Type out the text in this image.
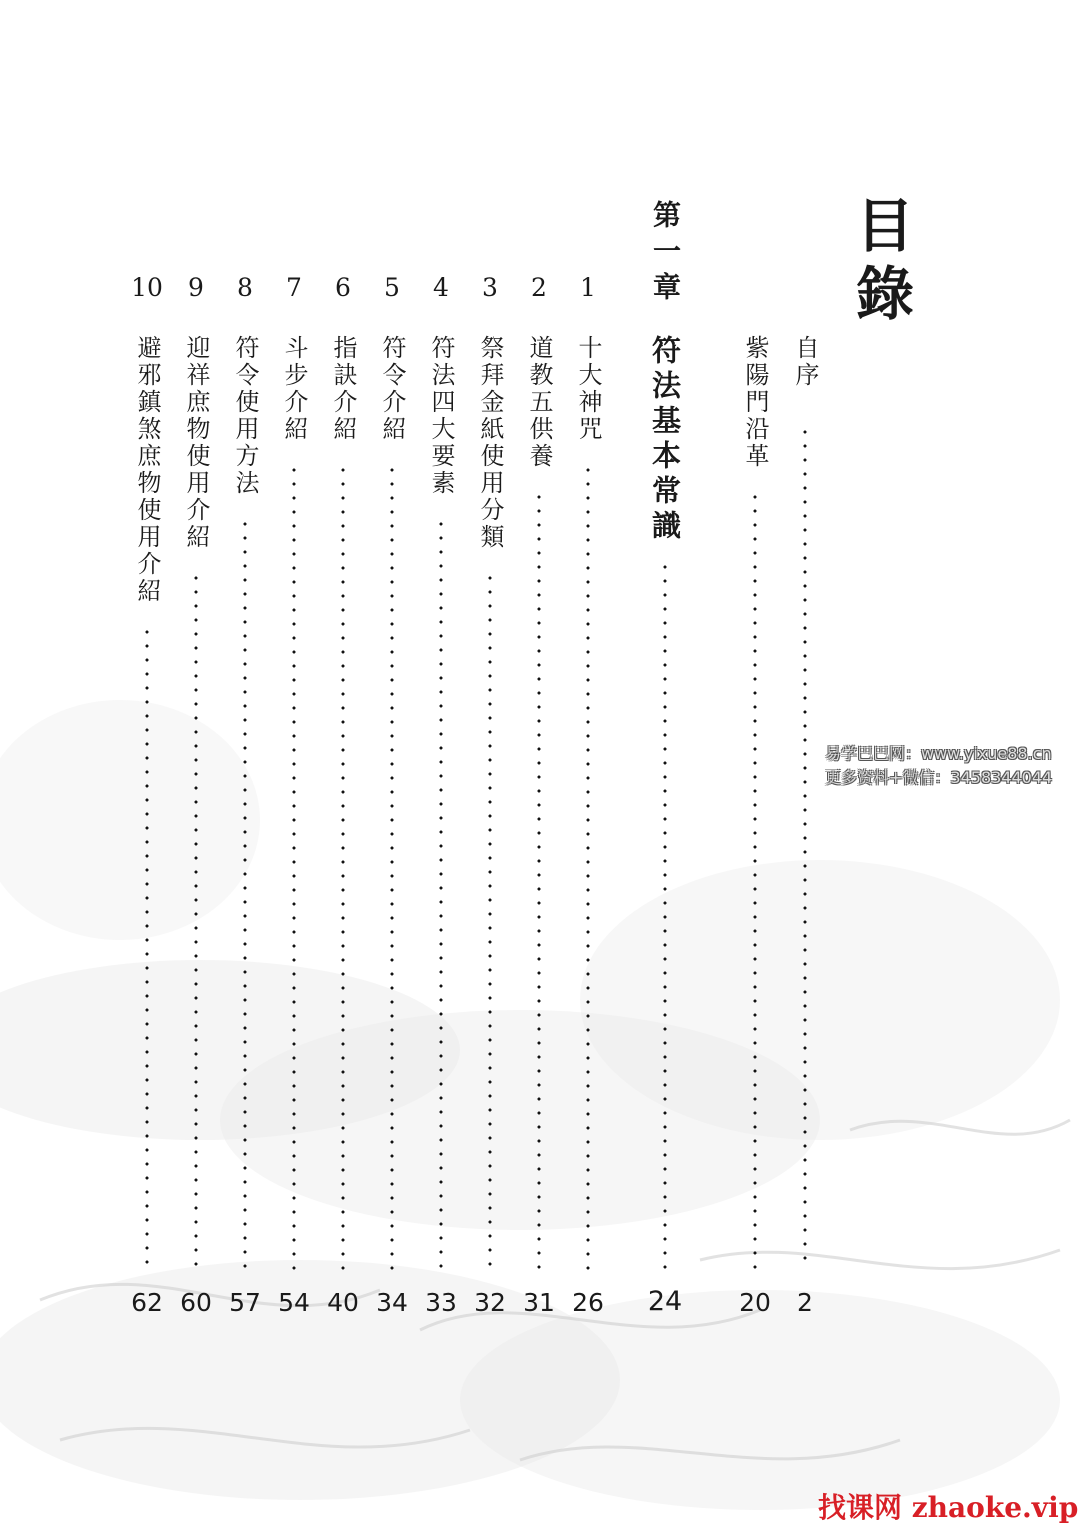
目錄
自序
2
紫陽門沿革
20
第一章
符法基本常識
24
1
十大神咒
26
2
道教五供養
31
3
祭拜金紙使用分類
32
4
符法四大要素
33
5
符令介紹
34
6
指訣介紹
40
7
斗步介紹
54
8
符令使用方法
57
9
迎祥庶物使用介紹
60
10
避邪鎮煞庶物使用介紹
62
易学巴巴网：www.yixue88.cn
更多资料+微信：3458344044
找课网 zhaoke.vip
